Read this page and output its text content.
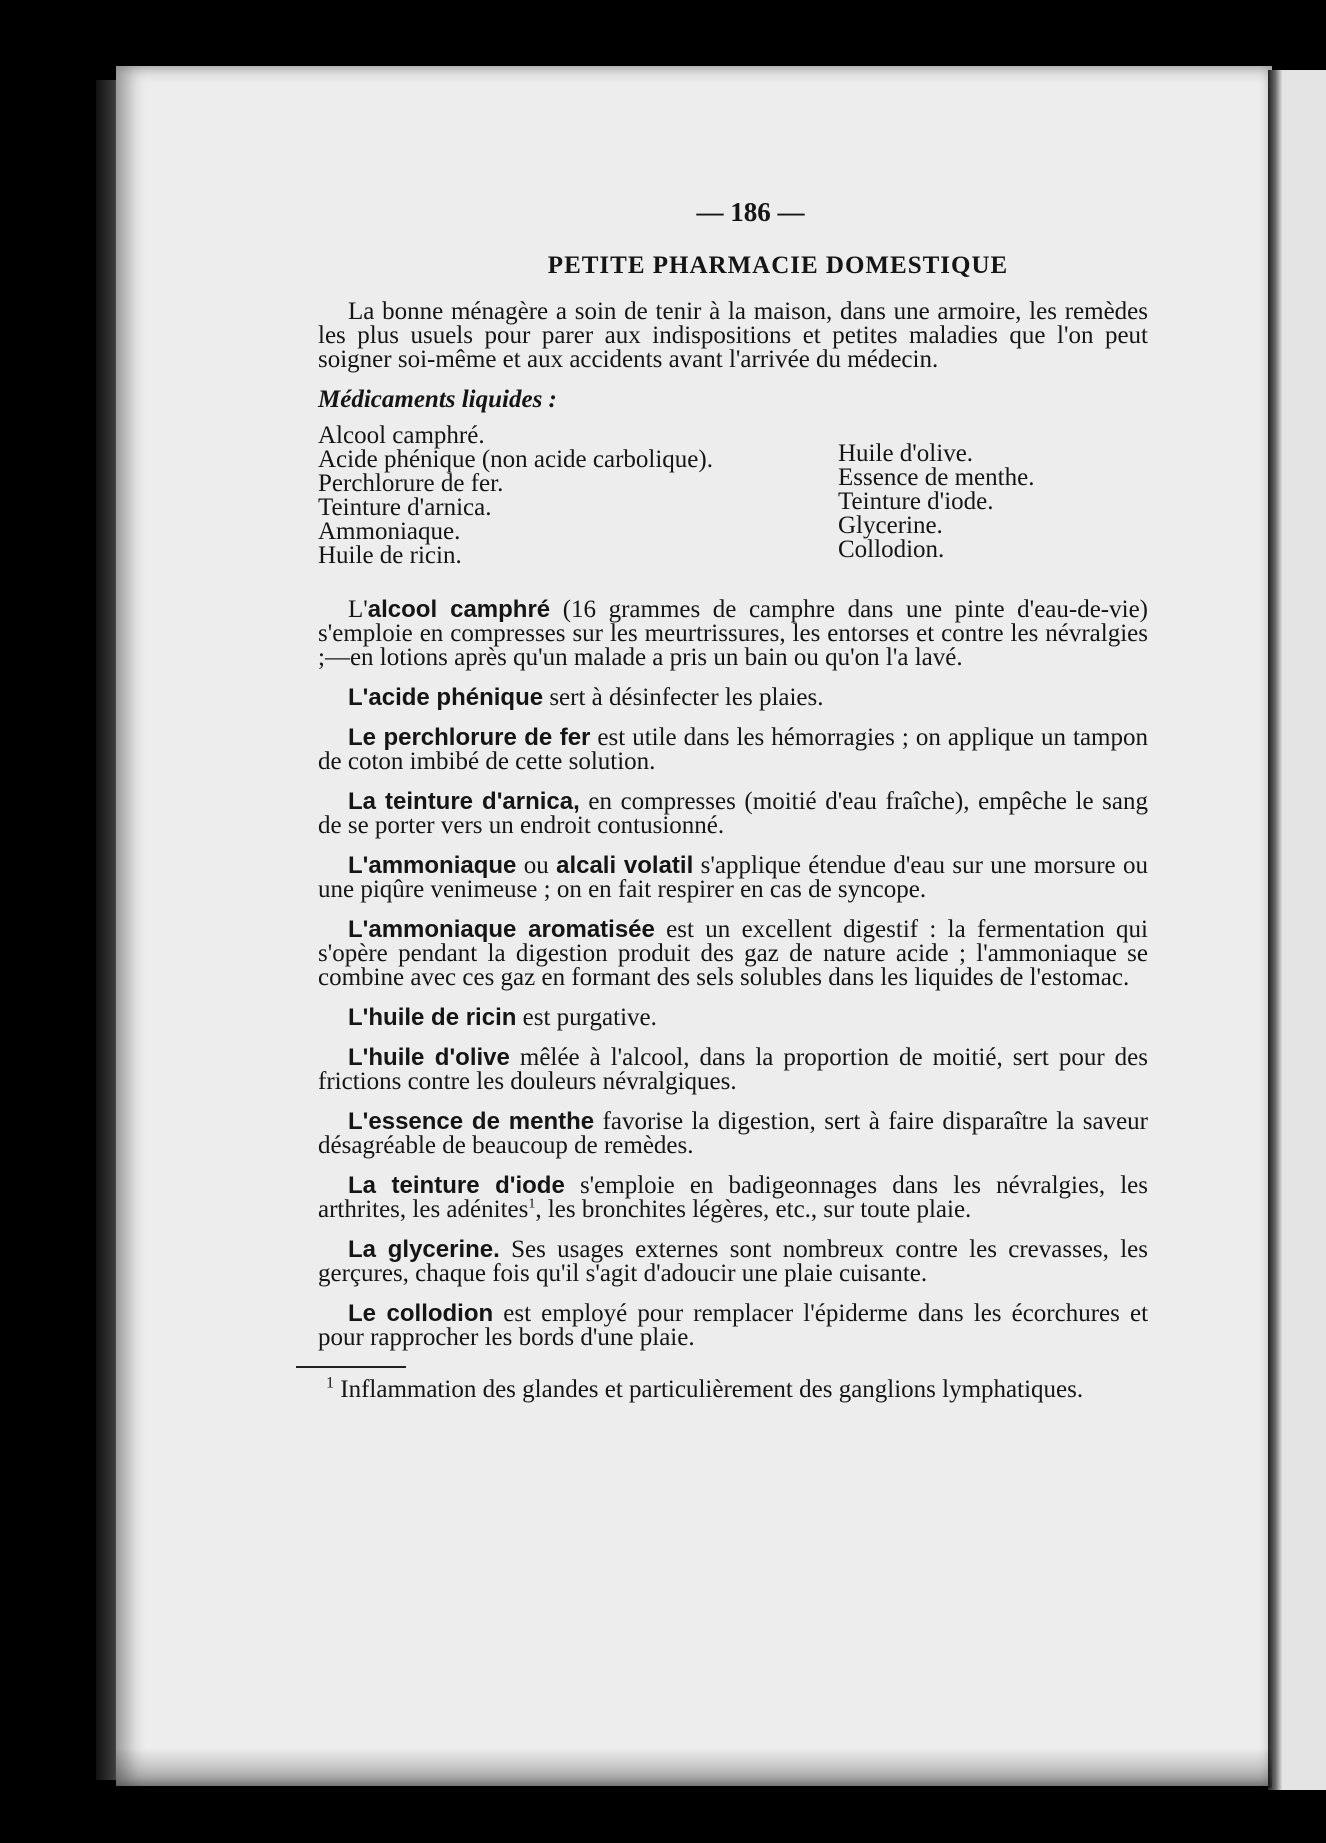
— 186 —
PETITE PHARMACIE DOMESTIQUE

La bonne ménagère a soin de tenir à la maison, dans une armoire, les remèdes les plus usuels pour parer aux indispositions et petites maladies que l'on peut soigner soi-même et aux accidents avant l'arrivée du médecin.

Médicaments liquides :
Alcool camphré.
Acide phénique (non acide carbolique).
Perchlorure de fer.
Teinture d'arnica.
Ammoniaque.
Huile de ricin.
Huile d'olive.
Essence de menthe.
Teinture d'iode.
Glycerine.
Collodion.

L'alcool camphré (16 grammes de camphre dans une pinte d'eau-de-vie) s'emploie en compresses sur les meurtrissures, les entorses et contre les névralgies ;—en lotions après qu'un malade a pris un bain ou qu'on l'a lavé.

L'acide phénique sert à désinfecter les plaies.

Le perchlorure de fer est utile dans les hémorragies ; on applique un tampon de coton imbibé de cette solution.

La teinture d'arnica, en compresses (moitié d'eau fraîche), empêche le sang de se porter vers un endroit contusionné.

L'ammoniaque ou alcali volatil s'applique étendue d'eau sur une morsure ou une piqûre venimeuse ; on en fait respirer en cas de syncope.

L'ammoniaque aromatisée est un excellent digestif : la fermentation qui s'opère pendant la digestion produit des gaz de nature acide ; l'ammoniaque se combine avec ces gaz en formant des sels solubles dans les liquides de l'estomac.

L'huile de ricin est purgative.

L'huile d'olive mêlée à l'alcool, dans la proportion de moitié, sert pour des frictions contre les douleurs névralgiques.

L'essence de menthe favorise la digestion, sert à faire disparaître la saveur désagréable de beaucoup de remèdes.

La teinture d'iode s'emploie en badigeonnages dans les névralgies, les arthrites, les adénites$^1$, les bronchites légères, etc., sur toute plaie.

La glycerine. Ses usages externes sont nombreux contre les crevasses, les gerçures, chaque fois qu'il s'agit d'adoucir une plaie cuisante.

Le collodion est employé pour remplacer l'épiderme dans les écorchures et pour rapprocher les bords d'une plaie.

$^1$ Inflammation des glandes et particulièrement des ganglions lymphatiques.
